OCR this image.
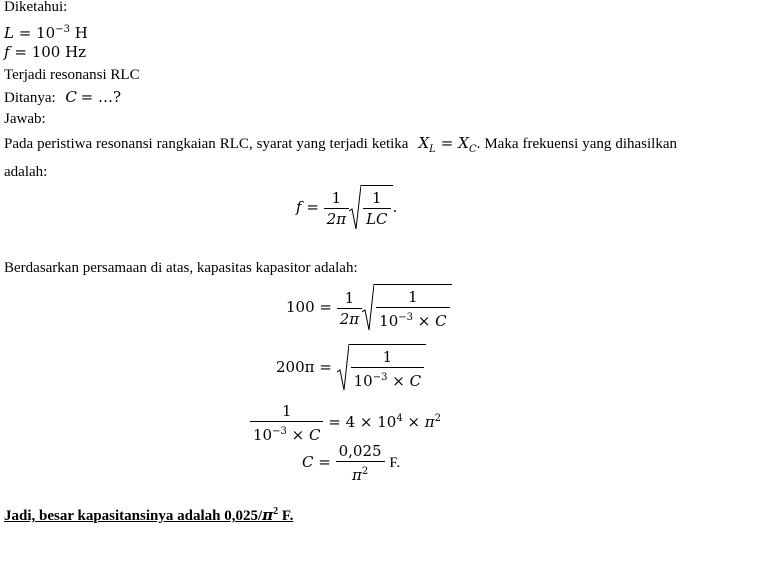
Diketahui:
$L = 10^{-3}$ H
f = 100 Hz
Terjadi resonansi RLC
Ditanya: C = …?
Jawab:
Pada peristiwa resonansi rangkaian RLC, syarat yang terjadi ketika $X_L = X_C$. Maka frekuensi yang dihasilkan adalah:
$f = \frac{1}{2\pi} \frac{1}{LC}$ .
Berdasarkan persamaan di atas, kapasitas kapasitor adalah:
$100 = \frac{1}{2\pi} \frac{1}{10^{-3} \times C}$
$200\pi = \frac{1}{10^{-3} \times C}$
$\frac{1}{10^{-3} \times C} = 4 \times 10^4 \times \pi^2$
$C = \frac{0,025}{\pi^2} F$.
Jadi, besar kapasitansinya adalah $0,025/\pi^2$ F.
